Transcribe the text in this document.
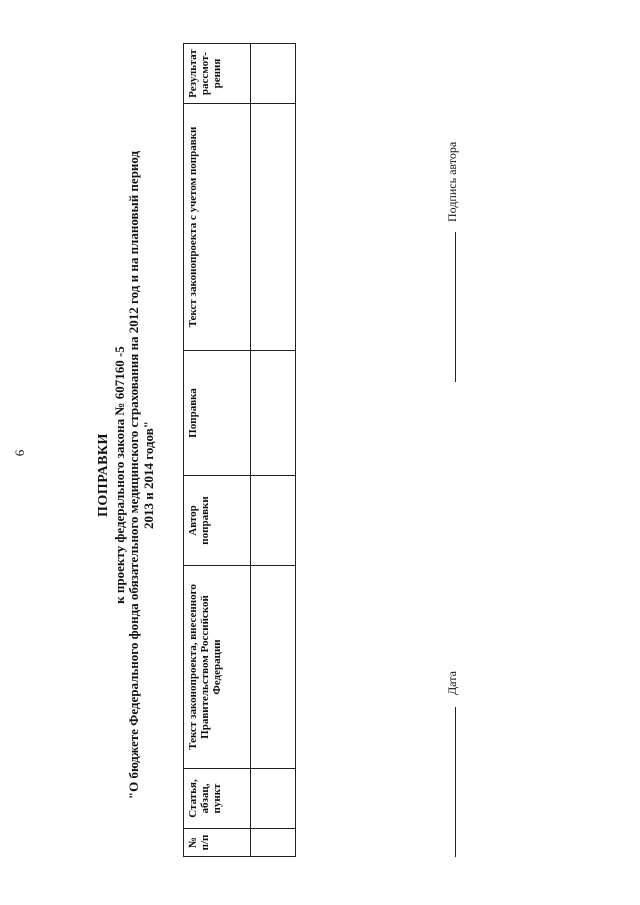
6	ПОПРАВКИ к проекту федерального закона № 607160 -5 "О бюджете Федерального фонда обязательного медицинского страхования на 2012 год и на плановый период 2013 и 2014 годов"
№ п/п	Статья, абзац, пункт	Текст законопроекта, внесенного Правительством Российской Федерации	Автор поправки	Поправка	Текст законопроекта с учетом поправки	Результат рассмот-рения

Дата
Подпись автора
